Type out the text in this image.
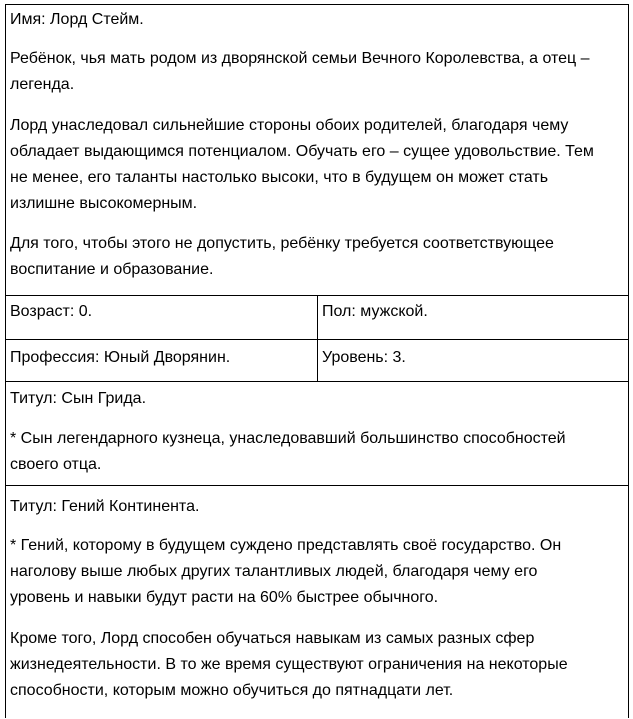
Имя: Лорд Стейм.
Ребёнок, чья мать родом из дворянской семьи Вечного Королевства, а отец –
легенда.
Лорд унаследовал сильнейшие стороны обоих родителей, благодаря чему
обладает выдающимся потенциалом. Обучать его – сущее удовольствие. Тем
не менее, его таланты настолько высоки, что в будущем он может стать
излишне высокомерным.
Для того, чтобы этого не допустить, ребёнку требуется соответствующее
воспитание и образование.
Возраст: 0.	Пол: мужской.
Профессия: Юный Дворянин.	Уровень: 3.
Титул: Сын Грида.
* Сын легендарного кузнеца, унаследовавший большинство способностей
своего отца.
Титул: Гений Континента.
* Гений, которому в будущем суждено представлять своё государство. Он
наголову выше любых других талантливых людей, благодаря чему его
уровень и навыки будут расти на 60% быстрее обычного.
Кроме того, Лорд способен обучаться навыкам из самых разных сфер
жизнедеятельности. В то же время существуют ограничения на некоторые
способности, которым можно обучиться до пятнадцати лет.
